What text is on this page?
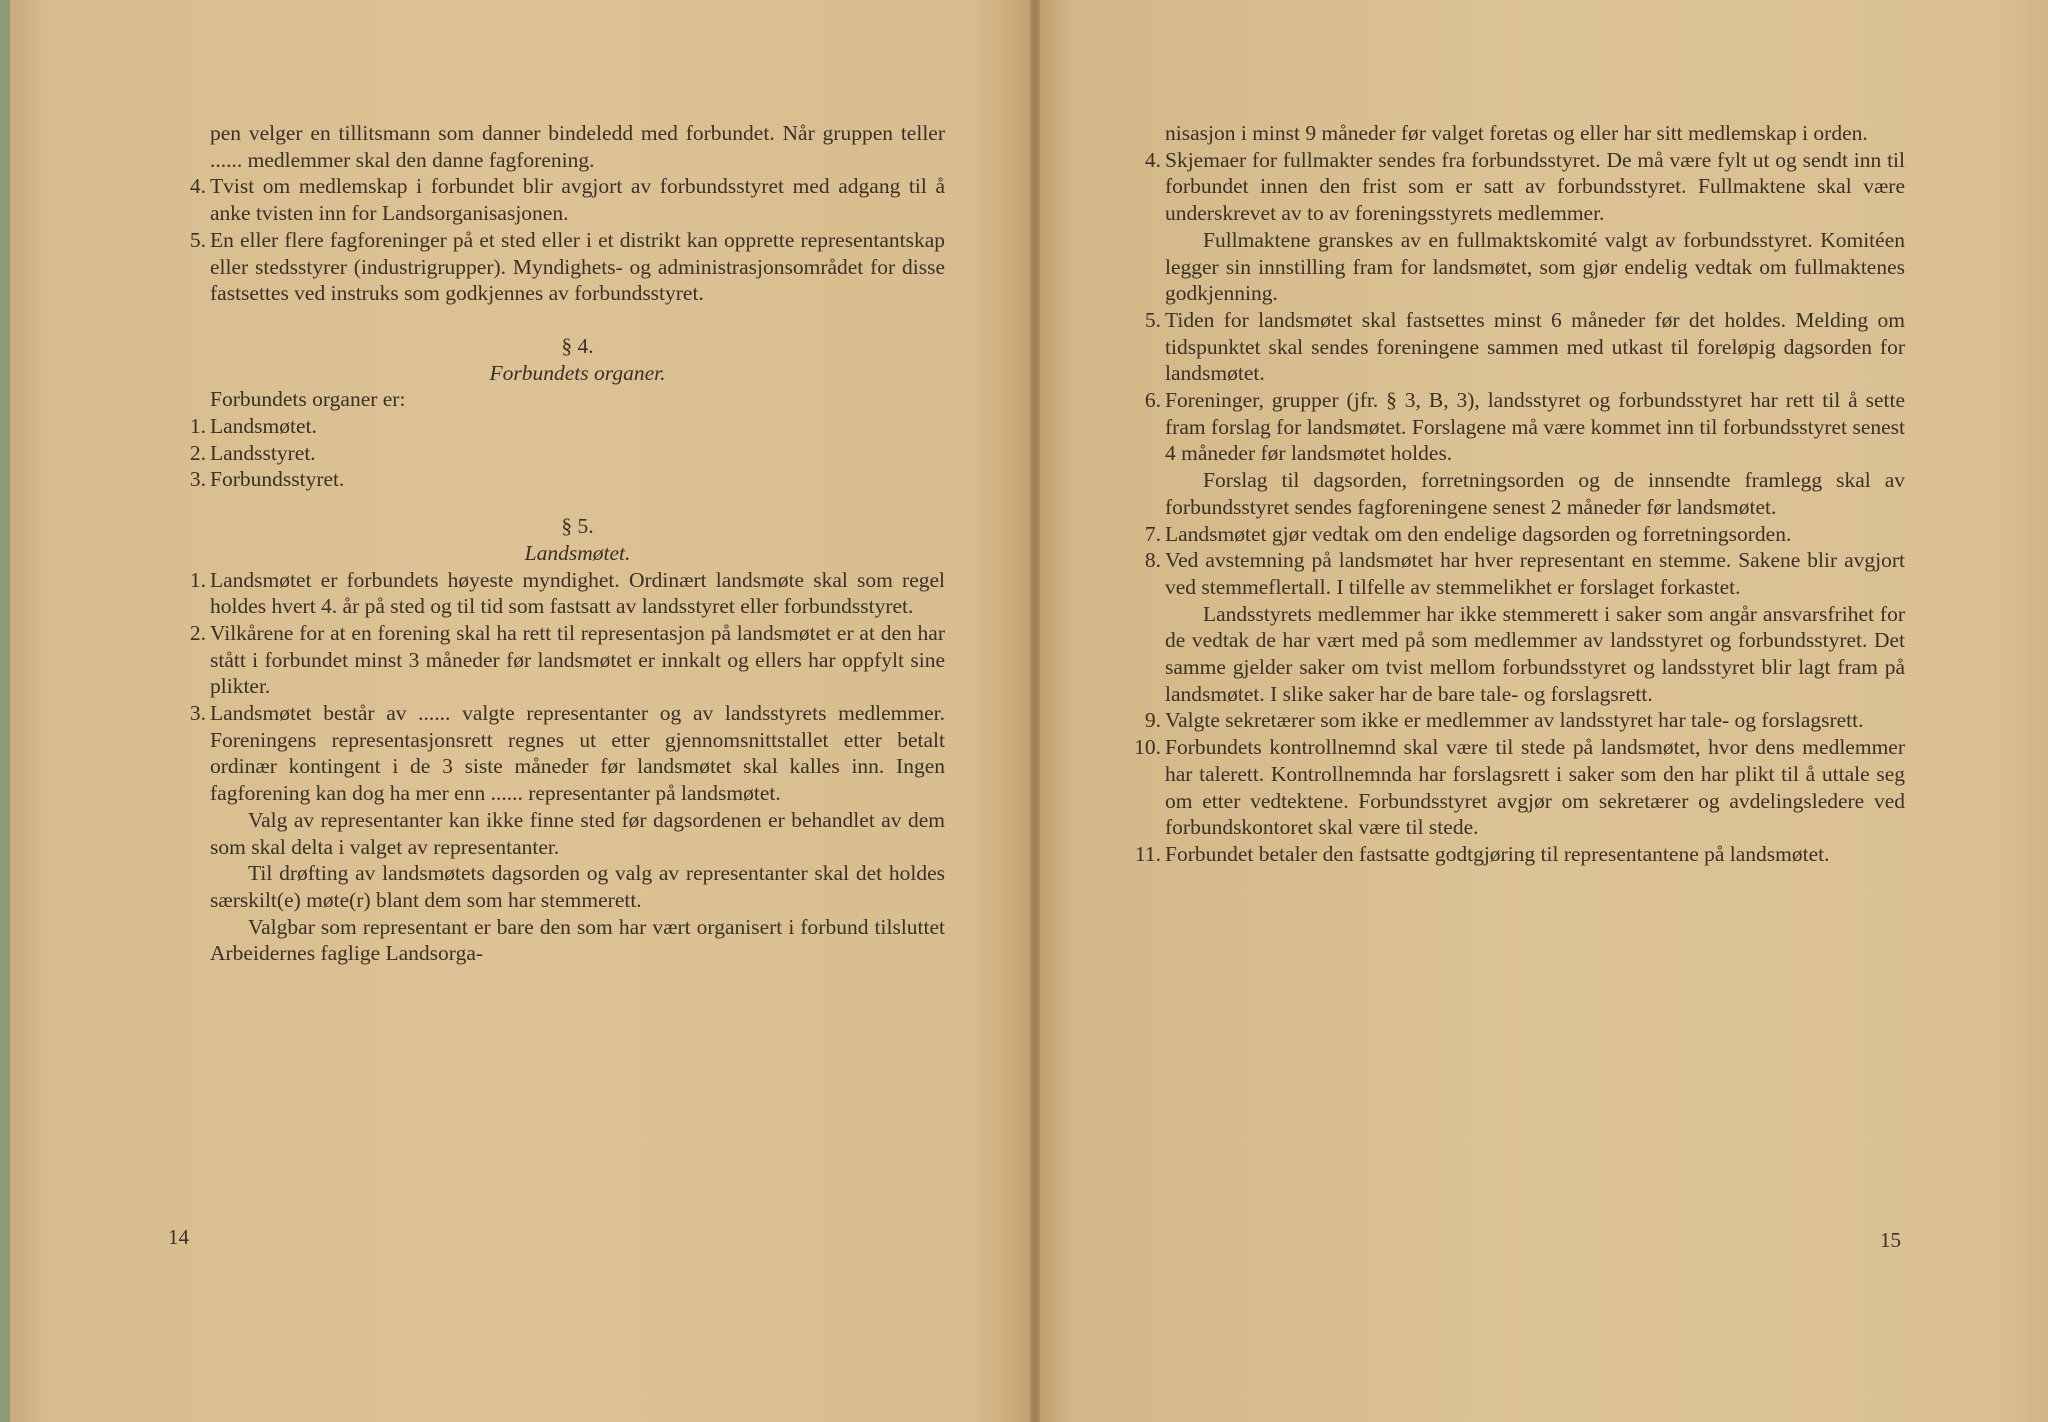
pen velger en tillitsmann som danner bindeledd med forbundet. Når gruppen teller ...... medlemmer skal den danne fagforening.

4. Tvist om medlemskap i forbundet blir avgjort av forbundsstyret med adgang til å anke tvisten inn for Landsorganisasjonen.

5. En eller flere fagforeninger på et sted eller i et distrikt kan opprette representantskap eller stedsstyrer (industrigrupper). Myndighets- og administrasjonsområdet for disse fastsettes ved instruks som godkjennes av forbundsstyret.

§ 4.

Forbundets organer.

Forbundets organer er:

1. Landsmøtet.

2. Landsstyret.

3. Forbundsstyret.

§ 5.

Landsmøtet.

1. Landsmøtet er forbundets høyeste myndighet. Ordinært landsmøte skal som regel holdes hvert 4. år på sted og til tid som fastsatt av landsstyret eller forbundsstyret.

2. Vilkårene for at en forening skal ha rett til representasjon på landsmøtet er at den har stått i forbundet minst 3 måneder før landsmøtet er innkalt og ellers har oppfylt sine plikter.

3. Landsmøtet består av ...... valgte representanter og av landsstyrets medlemmer. Foreningens representasjonsrett regnes ut etter gjennomsnittstallet etter betalt ordinær kontingent i de 3 siste måneder før landsmøtet skal kalles inn. Ingen fagforening kan dog ha mer enn ...... representanter på landsmøtet.

Valg av representanter kan ikke finne sted før dagsordenen er behandlet av dem som skal delta i valget av representanter.

Til drøfting av landsmøtets dagsorden og valg av representanter skal det holdes særskilt(e) møte(r) blant dem som har stemmerett.

Valgbar som representant er bare den som har vært organisert i forbund tilsluttet Arbeidernes faglige Landsorga-

14

nisasjon i minst 9 måneder før valget foretas og eller har sitt medlemskap i orden.

4. Skjemaer for fullmakter sendes fra forbundsstyret. De må være fylt ut og sendt inn til forbundet innen den frist som er satt av forbundsstyret. Fullmaktene skal være underskrevet av to av foreningsstyrets medlemmer.

Fullmaktene granskes av en fullmaktskomité valgt av forbundsstyret. Komitéen legger sin innstilling fram for landsmøtet, som gjør endelig vedtak om fullmaktenes godkjenning.

5. Tiden for landsmøtet skal fastsettes minst 6 måneder før det holdes. Melding om tidspunktet skal sendes foreningene sammen med utkast til foreløpig dagsorden for landsmøtet.

6. Foreninger, grupper (jfr. § 3, B, 3), landsstyret og forbundsstyret har rett til å sette fram forslag for landsmøtet. Forslagene må være kommet inn til forbundsstyret senest 4 måneder før landsmøtet holdes.

Forslag til dagsorden, forretningsorden og de innsendte framlegg skal av forbundsstyret sendes fagforeningene senest 2 måneder før landsmøtet.

7. Landsmøtet gjør vedtak om den endelige dagsorden og forretningsorden.

8. Ved avstemning på landsmøtet har hver representant en stemme. Sakene blir avgjort ved stemmeflertall. I tilfelle av stemmelikhet er forslaget forkastet.

Landsstyrets medlemmer har ikke stemmerett i saker som angår ansvarsfrihet for de vedtak de har vært med på som medlemmer av landsstyret og forbundsstyret. Det samme gjelder saker om tvist mellom forbundsstyret og landsstyret blir lagt fram på landsmøtet. I slike saker har de bare tale- og forslagsrett.

9. Valgte sekretærer som ikke er medlemmer av landsstyret har tale- og forslagsrett.

10. Forbundets kontrollnemnd skal være til stede på landsmøtet, hvor dens medlemmer har talerett. Kontrollnemnda har forslagsrett i saker som den har plikt til å uttale seg om etter vedtektene. Forbundsstyret avgjør om sekretærer og avdelingsledere ved forbundskontoret skal være til stede.

11. Forbundet betaler den fastsatte godtgjøring til representantene på landsmøtet.

15
